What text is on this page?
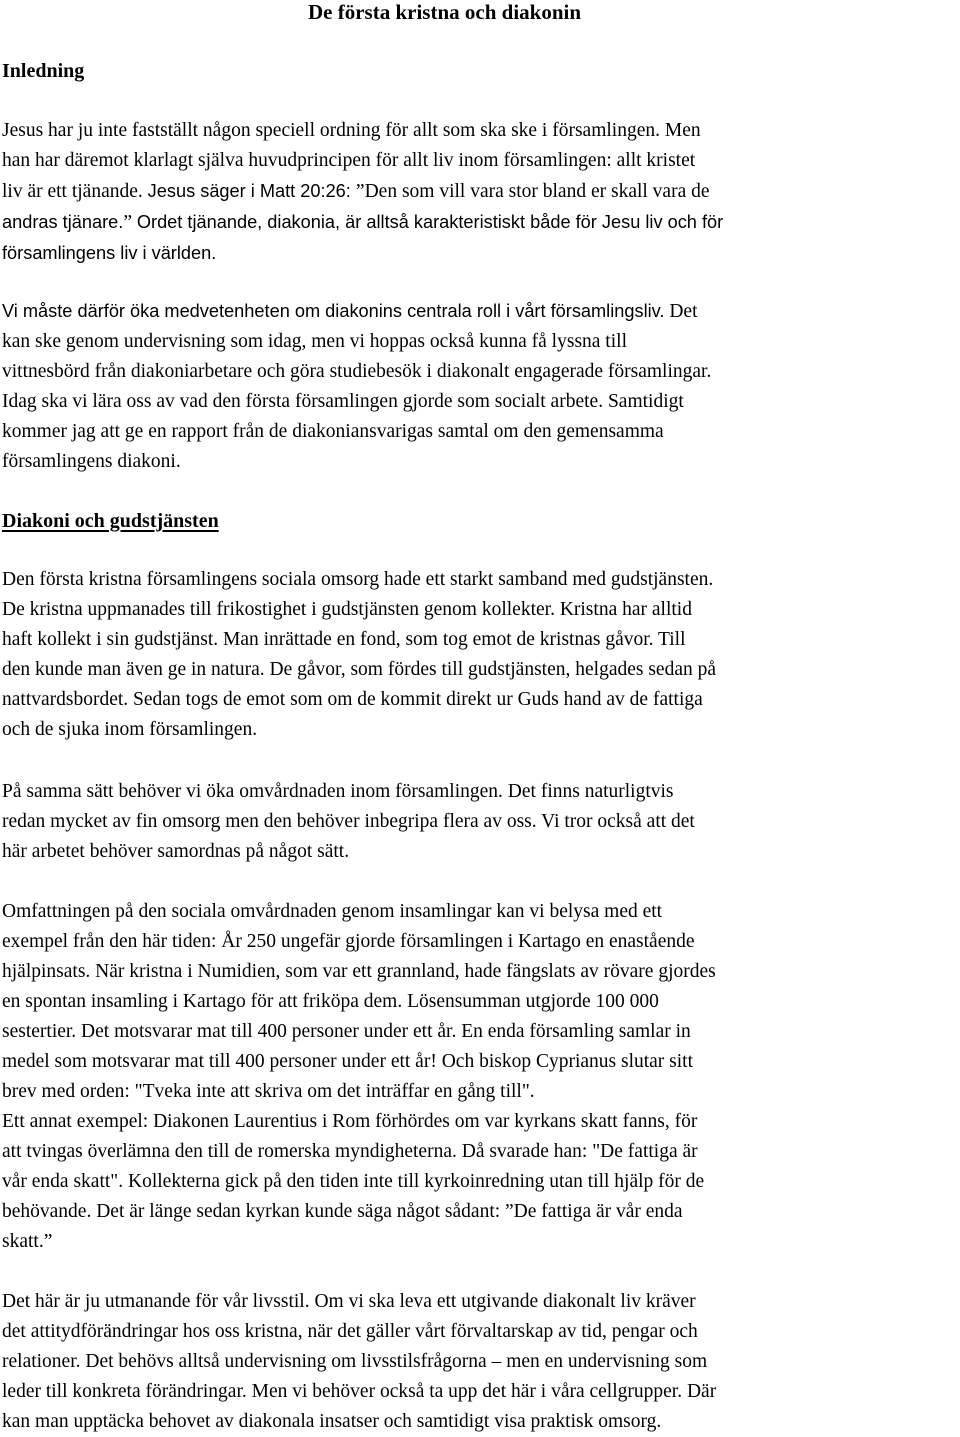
De första kristna och diakonin
Inledning
Jesus har ju inte fastställt någon speciell ordning för allt som ska ske i församlingen. Men
han har däremot klarlagt själva huvudprincipen för allt liv inom församlingen: allt kristet
liv är ett tjänande. Jesus säger i Matt 20:26: ”Den som vill vara stor bland er skall vara de
andras tjänare.” Ordet tjänande, diakonia, är alltså karakteristiskt både för Jesu liv och för
församlingens liv i världen.
Vi måste därför öka medvetenheten om diakonins centrala roll i vårt församlingsliv. Det
kan ske genom undervisning som idag, men vi hoppas också kunna få lyssna till
vittnesbörd från diakoniarbetare och göra studiebesök i diakonalt engagerade församlingar.
Idag ska vi lära oss av vad den första församlingen gjorde som socialt arbete. Samtidigt
kommer jag att ge en rapport från de diakoniansvarigas samtal om den gemensamma
församlingens diakoni.
Diakoni och gudstjänsten
Den första kristna församlingens sociala omsorg hade ett starkt samband med gudstjänsten.
De kristna uppmanades till frikostighet i gudstjänsten genom kollekter. Kristna har alltid
haft kollekt i sin gudstjänst. Man inrättade en fond, som tog emot de kristnas gåvor. Till
den kunde man även ge in natura. De gåvor, som fördes till gudstjänsten, helgades sedan på
nattvardsbordet. Sedan togs de emot som om de kommit direkt ur Guds hand av de fattiga
och de sjuka inom församlingen.
På samma sätt behöver vi öka omvårdnaden inom församlingen. Det finns naturligtvis
redan mycket av fin omsorg men den behöver inbegripa flera av oss. Vi tror också att det
här arbetet behöver samordnas på något sätt.
Omfattningen på den sociala omvårdnaden genom insamlingar kan vi belysa med ett
exempel från den här tiden: År 250 ungefär gjorde församlingen i Kartago en enastående
hjälpinsats. När kristna i Numidien, som var ett grannland, hade fängslats av rövare gjordes
en spontan insamling i Kartago för att friköpa dem. Lösensumman utgjorde 100 000
sestertier. Det motsvarar mat till 400 personer under ett år. En enda församling samlar in
medel som motsvarar mat till 400 personer under ett år! Och biskop Cyprianus slutar sitt
brev med orden: "Tveka inte att skriva om det inträffar en gång till".
Ett annat exempel: Diakonen Laurentius i Rom förhördes om var kyrkans skatt fanns, för
att tvingas överlämna den till de romerska myndigheterna. Då svarade han: "De fattiga är
vår enda skatt". Kollekterna gick på den tiden inte till kyrkoinredning utan till hjälp för de
behövande. Det är länge sedan kyrkan kunde säga något sådant: ”De fattiga är vår enda
skatt.”
Det här är ju utmanande för vår livsstil. Om vi ska leva ett utgivande diakonalt liv kräver
det attitydförändringar hos oss kristna, när det gäller vårt förvaltarskap av tid, pengar och
relationer. Det behövs alltså undervisning om livsstilsfrågorna – men en undervisning som
leder till konkreta förändringar. Men vi behöver också ta upp det här i våra cellgrupper. Där
kan man upptäcka behovet av diakonala insatser och samtidigt visa praktisk omsorg.
